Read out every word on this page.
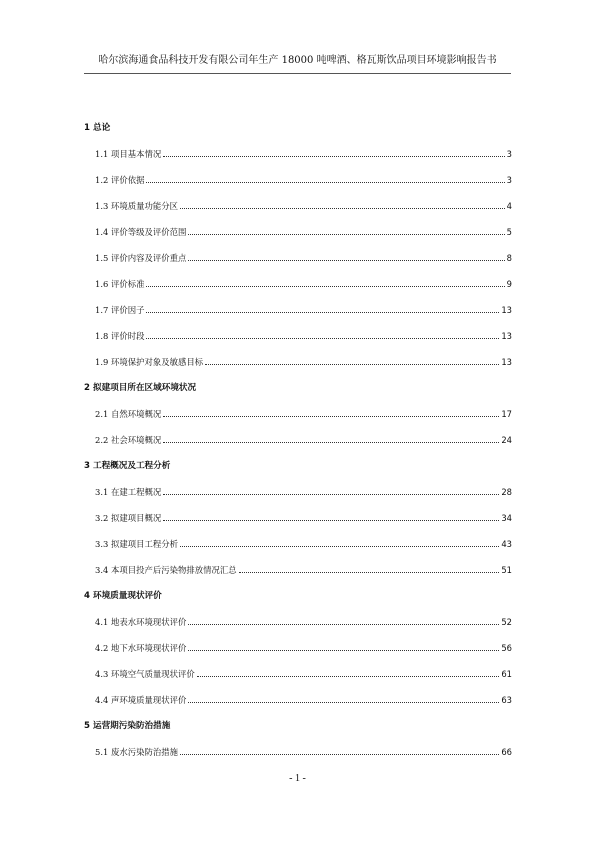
哈尔滨海通食品科技开发有限公司年生产 18000 吨啤酒、格瓦斯饮品项目环境影响报告书
1 总论
1.1 项目基本情况	3
1.2 评价依据	3
1.3 环境质量功能分区	4
1.4 评价等级及评价范围	5
1.5 评价内容及评价重点	8
1.6 评价标准	9
1.7 评价因子	13
1.8 评价时段	13
1.9 环境保护对象及敏感目标	13
2 拟建项目所在区域环境状况
2.1 自然环境概况	17
2.2 社会环境概况	24
3 工程概况及工程分析
3.1 在建工程概况	28
3.2 拟建项目概况	34
3.3 拟建项目工程分析	43
3.4 本项目投产后污染物排放情况汇总	51
4 环境质量现状评价
4.1 地表水环境现状评价	52
4.2 地下水环境现状评价	56
4.3 环境空气质量现状评价	61
4.4 声环境质量现状评价	63
5 运营期污染防治措施
5.1 废水污染防治措施	66
- 1 -
